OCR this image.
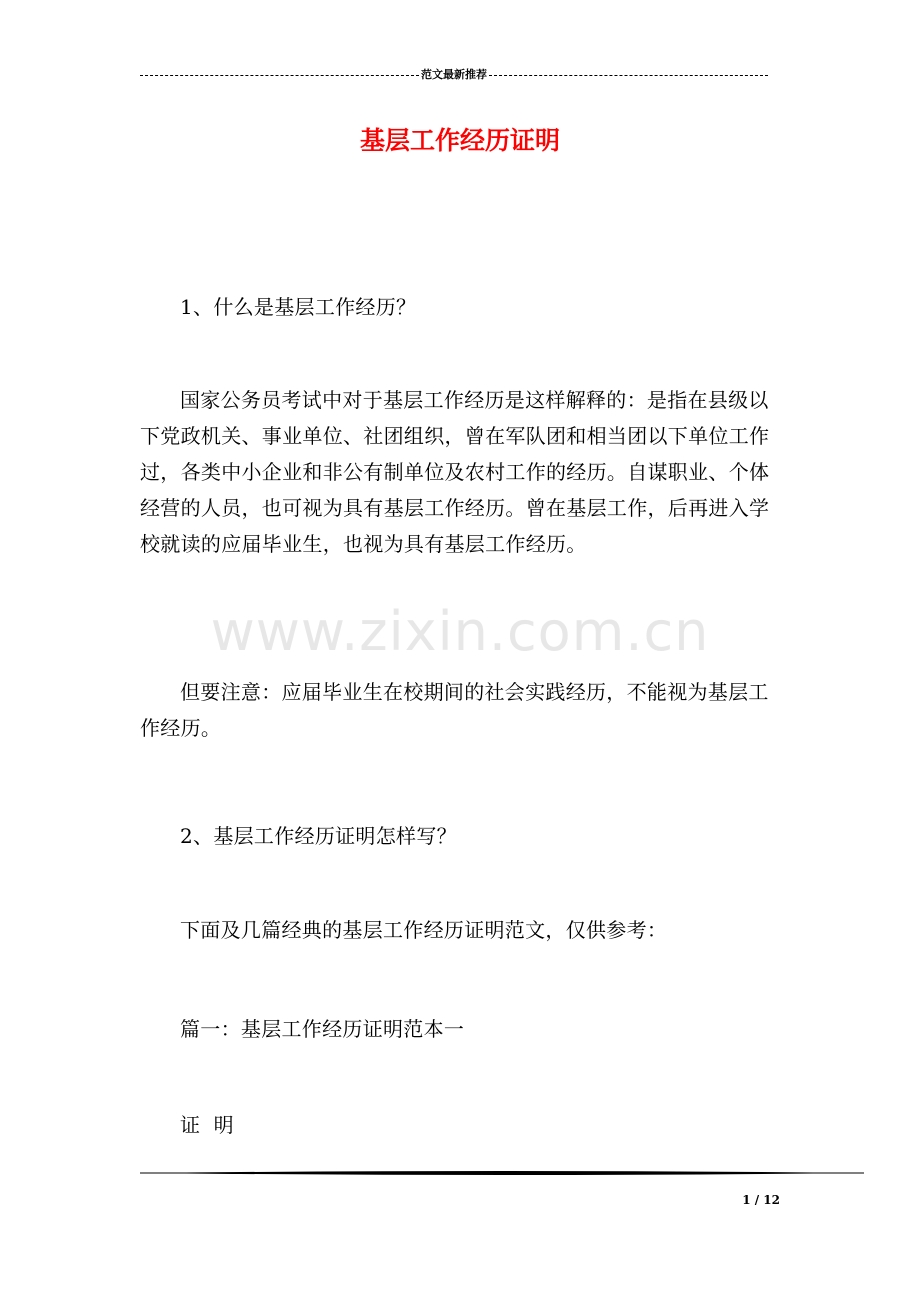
范文最新推荐
基层工作经历证明

1、什么是基层工作经历？

国家公务员考试中对于基层工作经历是这样解释的：是指在县级以下党政机关、事业单位、社团组织，曾在军队团和相当团以下单位工作过，各类中小企业和非公有制单位及农村工作的经历。自谋职业、个体经营的人员，也可视为具有基层工作经历。曾在基层工作，后再进入学校就读的应届毕业生，也视为具有基层工作经历。

www.zixin.com.cn

但要注意：应届毕业生在校期间的社会实践经历，不能视为基层工作经历。

2、基层工作经历证明怎样写？

下面及几篇经典的基层工作经历证明范文，仅供参考：

篇一：基层工作经历证明范本一

证  明

1 / 12
